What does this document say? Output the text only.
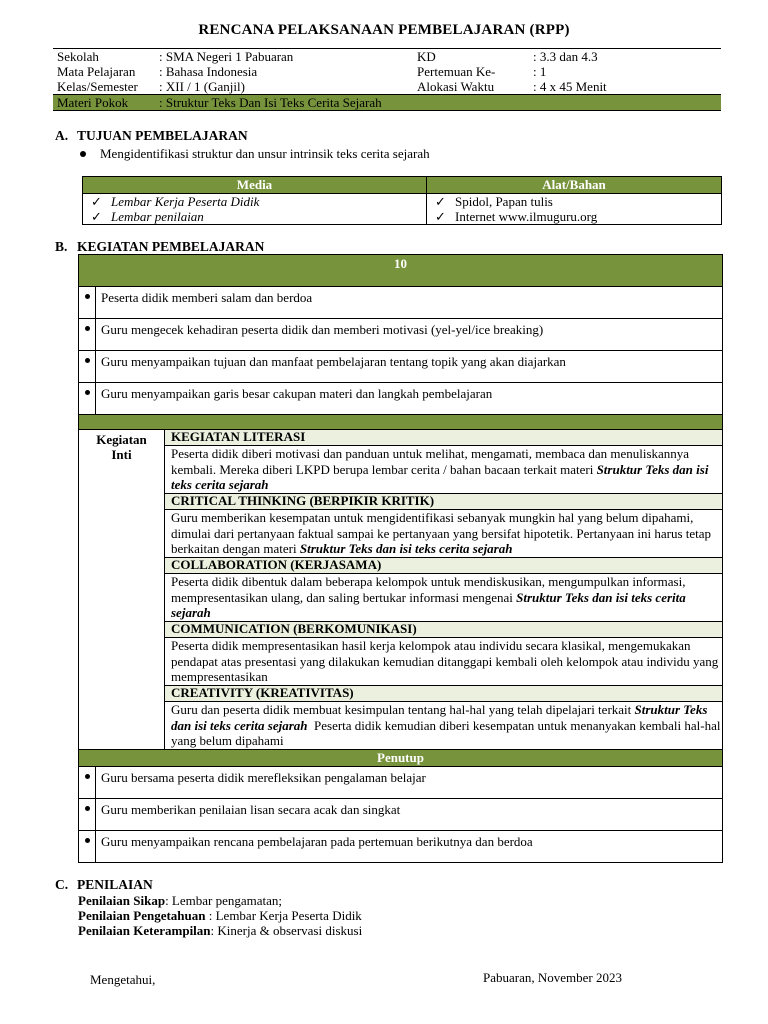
RENCANA PELAKSANAAN PEMBELAJARAN (RPP)
Sekolah	: SMA Negeri 1 Pabuaran	KD	: 3.3 dan 4.3
Mata Pelajaran	: Bahasa Indonesia	Pertemuan Ke-	: 1
Kelas/Semester	: XII / 1 (Ganjil)	Alokasi Waktu	: 4 x 45 Menit
Materi Pokok	: Struktur Teks Dan Isi Teks Cerita Sejarah		
A. TUJUAN PEMBELAJARAN
Mengidentifikasi struktur dan unsur intrinsik teks cerita sejarah
Media	Alat/Bahan
✓ Lembar Kerja Peserta Didik	✓ Spidol, Papan tulis
✓ Lembar penilaian	✓ Internet www.ilmuguru.org
B. KEGIATAN PEMBELAJARAN
10
Peserta didik memberi salam dan berdoa
Guru mengecek kehadiran peserta didik dan memberi motivasi (yel-yel/ice breaking)
Guru menyampaikan tujuan dan manfaat pembelajaran tentang topik yang akan diajarkan
Guru menyampaikan garis besar cakupan materi dan langkah pembelajaran
Kegiatan
Inti
KEGIATAN LITERASI
Peserta didik diberi motivasi dan panduan untuk melihat, mengamati, membaca dan menuliskannya kembali. Mereka diberi LKPD berupa lembar cerita / bahan bacaan terkait materi Struktur Teks dan isi teks cerita sejarah
CRITICAL THINKING (BERPIKIR KRITIK)
Guru memberikan kesempatan untuk mengidentifikasi sebanyak mungkin hal yang belum dipahami, dimulai dari pertanyaan faktual sampai ke pertanyaan yang bersifat hipotetik. Pertanyaan ini harus tetap berkaitan dengan materi Struktur Teks dan isi teks cerita sejarah
COLLABORATION (KERJASAMA)
Peserta didik dibentuk dalam beberapa kelompok untuk mendiskusikan, mengumpulkan informasi, mempresentasikan ulang, dan saling bertukar informasi mengenai Struktur Teks dan isi teks cerita sejarah
COMMUNICATION (BERKOMUNIKASI)
Peserta didik mempresentasikan hasil kerja kelompok atau individu secara klasikal, mengemukakan pendapat atas presentasi yang dilakukan kemudian ditanggapi kembali oleh kelompok atau individu yang mempresentasikan
CREATIVITY (KREATIVITAS)
Guru dan peserta didik membuat kesimpulan tentang hal-hal yang telah dipelajari terkait Struktur Teks dan isi teks cerita sejarah Peserta didik kemudian diberi kesempatan untuk menanyakan kembali hal-hal yang belum dipahami
Penutup
Guru bersama peserta didik merefleksikan pengalaman belajar
Guru memberikan penilaian lisan secara acak dan singkat
Guru menyampaikan rencana pembelajaran pada pertemuan berikutnya dan berdoa
C. PENILAIAN
Penilaian Sikap: Lembar pengamatan;
Penilaian Pengetahuan : Lembar Kerja Peserta Didik
Penilaian Keterampilan: Kinerja & observasi diskusi
Mengetahui,	Pabuaran, November 2023
